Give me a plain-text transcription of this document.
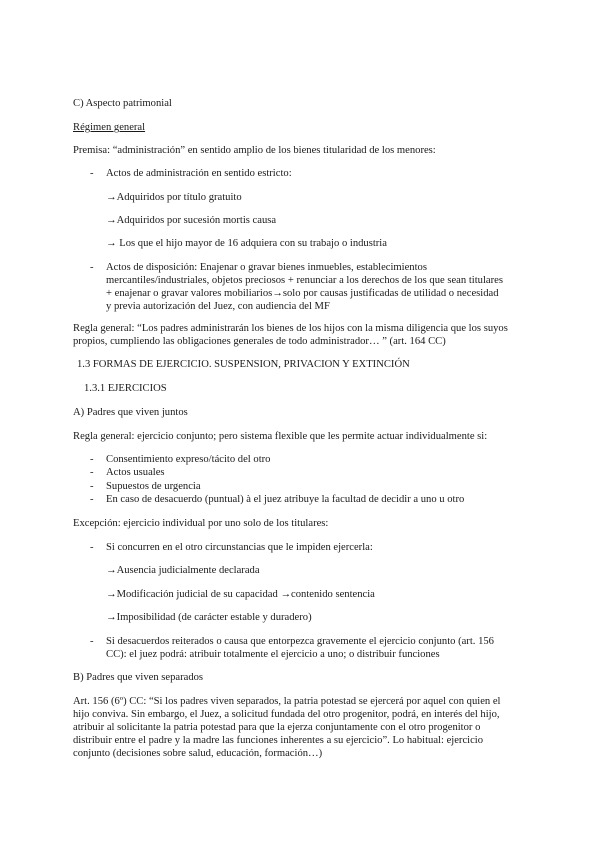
C) Aspecto patrimonial
Régimen general
Premisa: “administración” en sentido amplio de los bienes titularidad de los menores:
- Actos de administración en sentido estricto:
→Adquiridos por título gratuito
→Adquiridos por sucesión mortis causa
→ Los que el hijo mayor de 16 adquiera con su trabajo o industria
- Actos de disposición: Enajenar o gravar bienes inmuebles, establecimientos
mercantiles/industriales, objetos preciosos + renunciar a los derechos de los que sean titulares
+ enajenar o gravar valores mobiliarios→solo por causas justificadas de utilidad o necesidad
y previa autorización del Juez, con audiencia del MF
Regla general: “Los padres administrarán los bienes de los hijos con la misma diligencia que los suyos
propios, cumpliendo las obligaciones generales de todo administrador… ” (art. 164 CC)
1.3 FORMAS DE EJERCICIO. SUSPENSION, PRIVACION Y EXTINCIÓN
1.3.1 EJERCICIOS
A) Padres que viven juntos
Regla general: ejercicio conjunto; pero sistema flexible que les permite actuar individualmente si:
- Consentimiento expreso/tácito del otro
- Actos usuales
- Supuestos de urgencia
- En caso de desacuerdo (puntual) à el juez atribuye la facultad de decidir a uno u otro
Excepción: ejercicio individual por uno solo de los titulares:
- Si concurren en el otro circunstancias que le impiden ejercerla:
→Ausencia judicialmente declarada
→Modificación judicial de su capacidad →contenido sentencia
→Imposibilidad (de carácter estable y duradero)
- Si desacuerdos reiterados o causa que entorpezca gravemente el ejercicio conjunto (art. 156
CC): el juez podrá: atribuir totalmente el ejercicio a uno; o distribuir funciones
B) Padres que viven separados
Art. 156 (6º) CC: “Si los padres viven separados, la patria potestad se ejercerá por aquel con quien el
hijo conviva. Sin embargo, el Juez, a solicitud fundada del otro progenitor, podrá, en interés del hijo,
atribuir al solicitante la patria potestad para que la ejerza conjuntamente con el otro progenitor o
distribuir entre el padre y la madre las funciones inherentes a su ejercicio”. Lo habitual: ejercicio
conjunto (decisiones sobre salud, educación, formación…)
